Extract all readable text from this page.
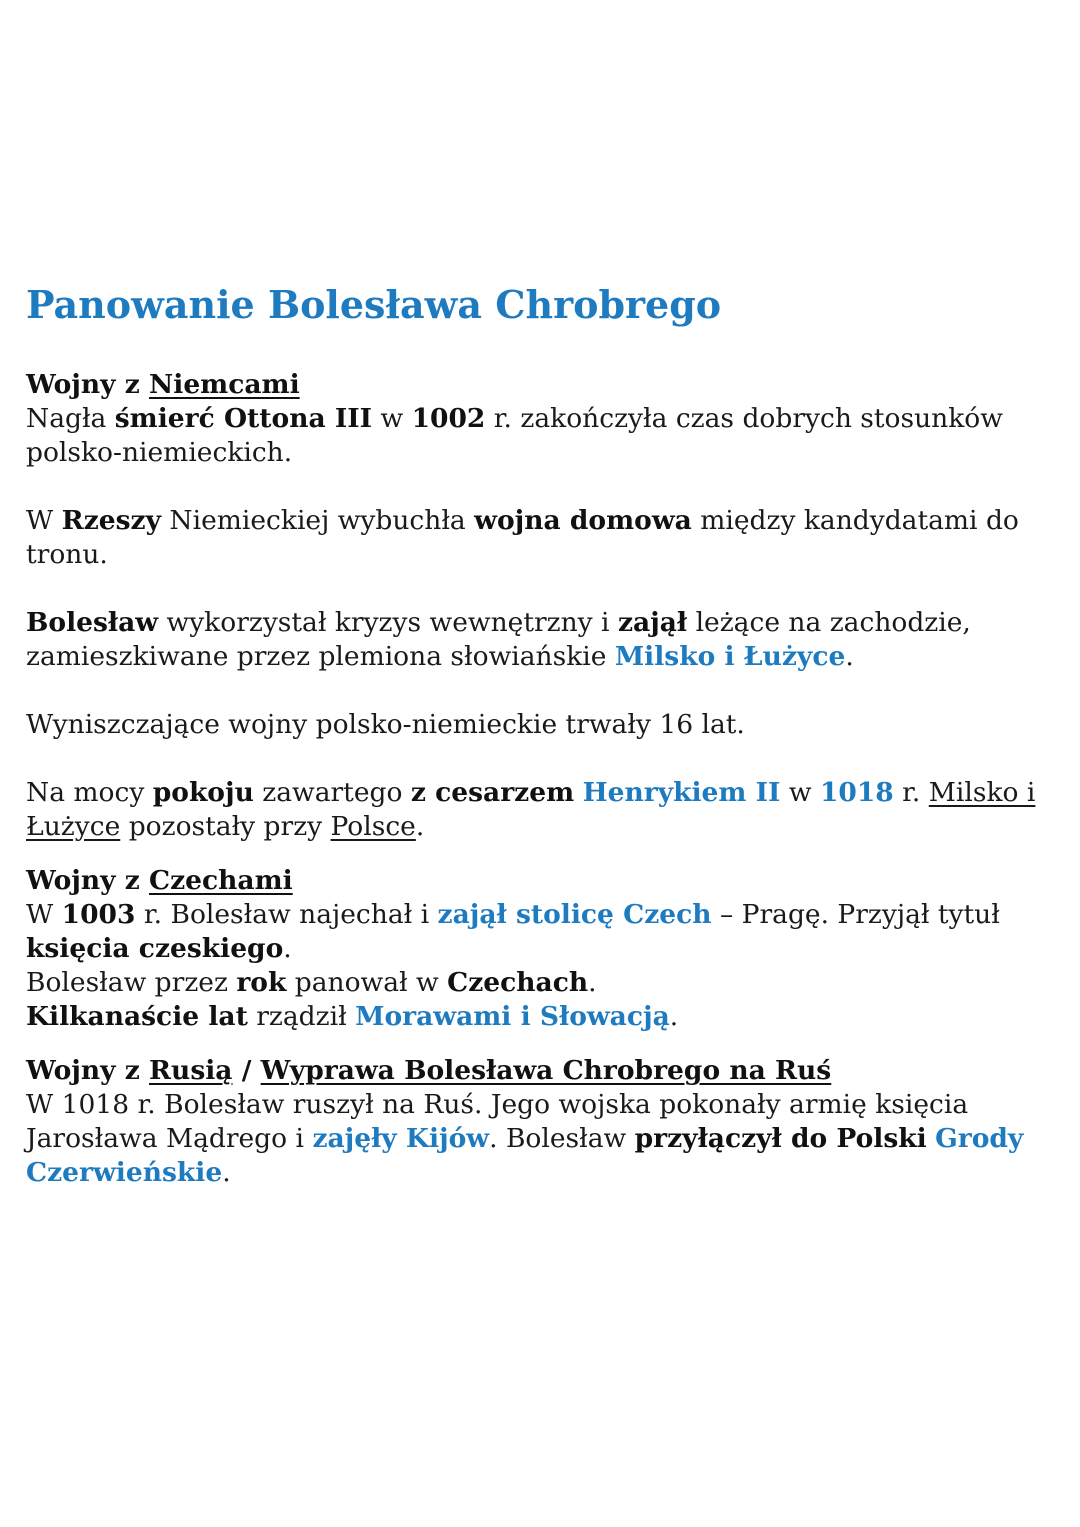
Panowanie Bolesława Chrobrego
Wojny z Niemcami

Nagła śmierć Ottona III w 1002 r. zakończyła czas dobrych stosunków polsko-niemieckich.

W Rzeszy Niemieckiej wybuchła wojna domowa między kandydatami do tronu.

Bolesław wykorzystał kryzys wewnętrzny i zajął leżące na zachodzie, zamieszkiwane przez plemiona słowiańskie Milsko i Łużyce.

Wyniszczające wojny polsko-niemieckie trwały 16 lat.

Na mocy pokoju zawartego z cesarzem Henrykiem II w 1018 r. Milsko i Łużyce pozostały przy Polsce.

Wojny z Czechami

W 1003 r. Bolesław najechał i zajął stolicę Czech – Pragę. Przyjął tytuł księcia czeskiego.

Bolesław przez rok panował w Czechach.

Kilkanaście lat rządził Morawami i Słowacją.

Wojny z Rusią / Wyprawa Bolesława Chrobrego na Ruś

W 1018 r. Bolesław ruszył na Ruś. Jego wojska pokonały armię księcia Jarosława Mądrego i zajęły Kijów. Bolesław przyłączył do Polski Grody Czerwieńskie.
